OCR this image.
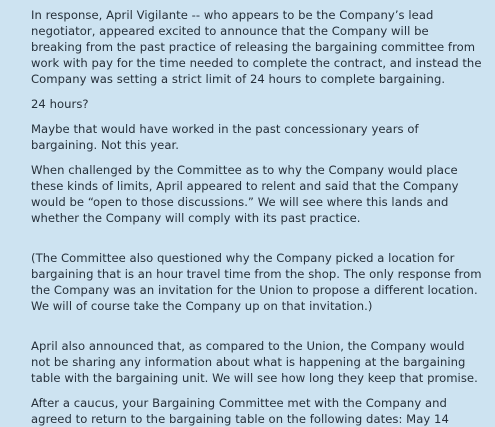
In response, April Vigilante -- who appears to be the Company’s lead negotiator, appeared excited to announce that the Company will be breaking from the past practice of releasing the bargaining committee from work with pay for the time needed to complete the contract, and instead the Company was setting a strict limit of 24 hours to complete bargaining.

24 hours?

Maybe that would have worked in the past concessionary years of bargaining. Not this year.

When challenged by the Committee as to why the Company would place these kinds of limits, April appeared to relent and said that the Company would be “open to those discussions.” We will see where this lands and whether the Company will comply with its past practice.

(The Committee also questioned why the Company picked a location for bargaining that is an hour travel time from the shop. The only response from the Company was an invitation for the Union to propose a different location. We will of course take the Company up on that invitation.)

April also announced that, as compared to the Union, the Company would not be sharing any information about what is happening at the bargaining table with the bargaining unit. We will see how long they keep that promise.

After a caucus, your Bargaining Committee met with the Company and agreed to return to the bargaining table on the following dates: May 14
